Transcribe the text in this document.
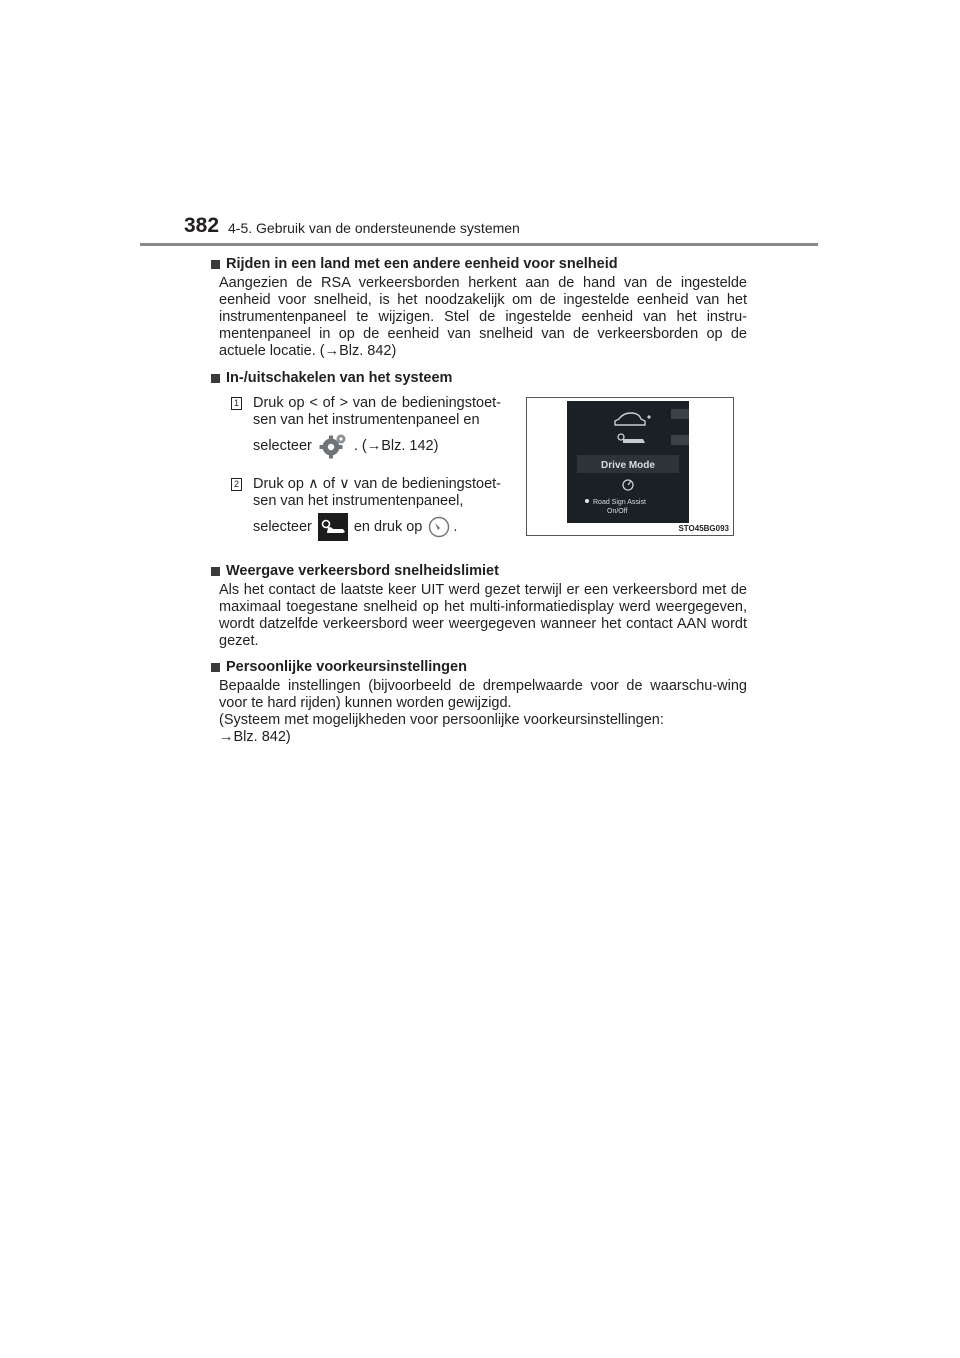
382 4-5. Gebruik van de ondersteunende systemen
Rijden in een land met een andere eenheid voor snelheid
Aangezien de RSA verkeersborden herkent aan de hand van de ingestelde eenheid voor snelheid, is het noodzakelijk om de ingestelde eenheid van het instrumentenpaneel te wijzigen. Stel de ingestelde eenheid van het instru-mentenpaneel in op de eenheid van snelheid van de verkeersborden op de actuele locatie. (→Blz. 842)
In-/uitschakelen van het systeem
1 Druk op < of > van de bedieningstoet-sen van het instrumentenpaneel en
selecteer	. (→Blz. 142)
2 Druk op ∧ of ∨ van de bedieningstoet-sen van het instrumentenpaneel,
selecteer	en druk op .
Drive Mode
Road Sign Assist
On/Off
STO45BG093
Weergave verkeersbord snelheidslimiet
Als het contact de laatste keer UIT werd gezet terwijl er een verkeersbord met de maximaal toegestane snelheid op het multi-informatiedisplay werd weergegeven, wordt datzelfde verkeersbord weer weergegeven wanneer het contact AAN wordt gezet.
Persoonlijke voorkeursinstellingen
Bepaalde instellingen (bijvoorbeeld de drempelwaarde voor de waarschu-wing voor te hard rijden) kunnen worden gewijzigd.
(Systeem met mogelijkheden voor persoonlijke voorkeursinstellingen:
→Blz. 842)
